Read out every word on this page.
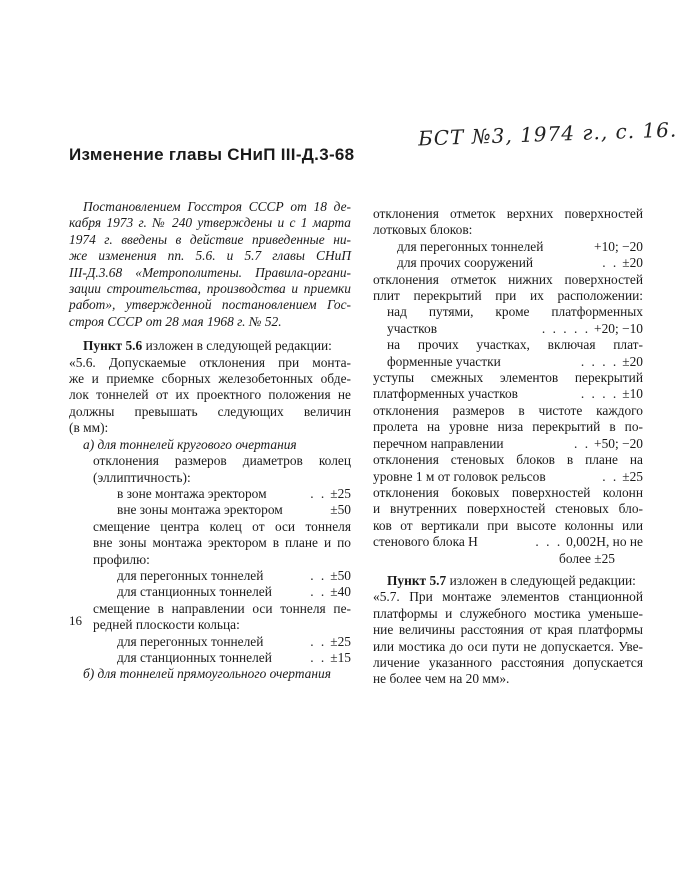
БСТ №3, 1974 г., с. 16.
Изменение главы СНиП III-Д.3-68

Постановлением Госстроя СССР от 18 де-

кабря 1973 г. № 240 утверждены и с 1 марта

1974 г. введены в действие приведенные ни-

же изменения пп. 5.6. и 5.7 главы СНиП

III-Д.3.68 «Метрополитены. Правила-органи-

зации строительства, производства и приемки

работ», утвержденной постановлением Гос-

строя СССР от 28 мая 1968 г. № 52.

Пункт 5.6 изложен в следующей редакции:

«5.6. Допускаемые отклонения при монта-

же и приемке сборных железобетонных обде-

лок тоннелей от их проектного положения не

должны превышать следующих величин

(в мм):

а) для тоннелей кругового очертания

отклонения размеров диаметров колец

(эллиптичность):

в зоне монтажа эректором	. . ±25
вне зоны монтажа эректором	±50

смещение центра колец от оси тоннеля

вне зоны монтажа эректором в плане и по

профилю:

для перегонных тоннелей	. . ±50
для станционных тоннелей	. . ±40

смещение в направлении оси тоннеля пе-

редней плоскости кольца:

для перегонных тоннелей	. . ±25
для станционных тоннелей	. . ±15

б) для тоннелей прямоугольного очертания

16

отклонения отметок верхних поверхностей

лотковых блоков:

для перегонных тоннелей	+10; −20
для прочих сооружений	. . ±20

отклонения отметок нижних поверхностей

плит перекрытий при их расположении:

над путями, кроме платформенных

участков	. . . . . +20; −10

на прочих участках, включая плат-

форменные участки	. . . . ±20

уступы смежных элементов перекрытий

платформенных участков	. . . . ±10

отклонения размеров в чистоте каждого

пролета на уровне низа перекрытий в по-

перечном направлении	. . +50; −20

отклонения стеновых блоков в плане на

уровне 1 м от головок рельсов	. . ±25

отклонения боковых поверхностей колонн

и внутренних поверхностей стеновых бло-

ков от вертикали при высоте колонны или

стенового блока Н	. . . 0,002Н, но не

более ±25

Пункт 5.7 изложен в следующей редакции:

«5.7. При монтаже элементов станционной

платформы и служебного мостика уменьше-

ние величины расстояния от края платформы

или мостика до оси пути не допускается. Уве-

личение указанного расстояния допускается

не более чем на 20 мм».
